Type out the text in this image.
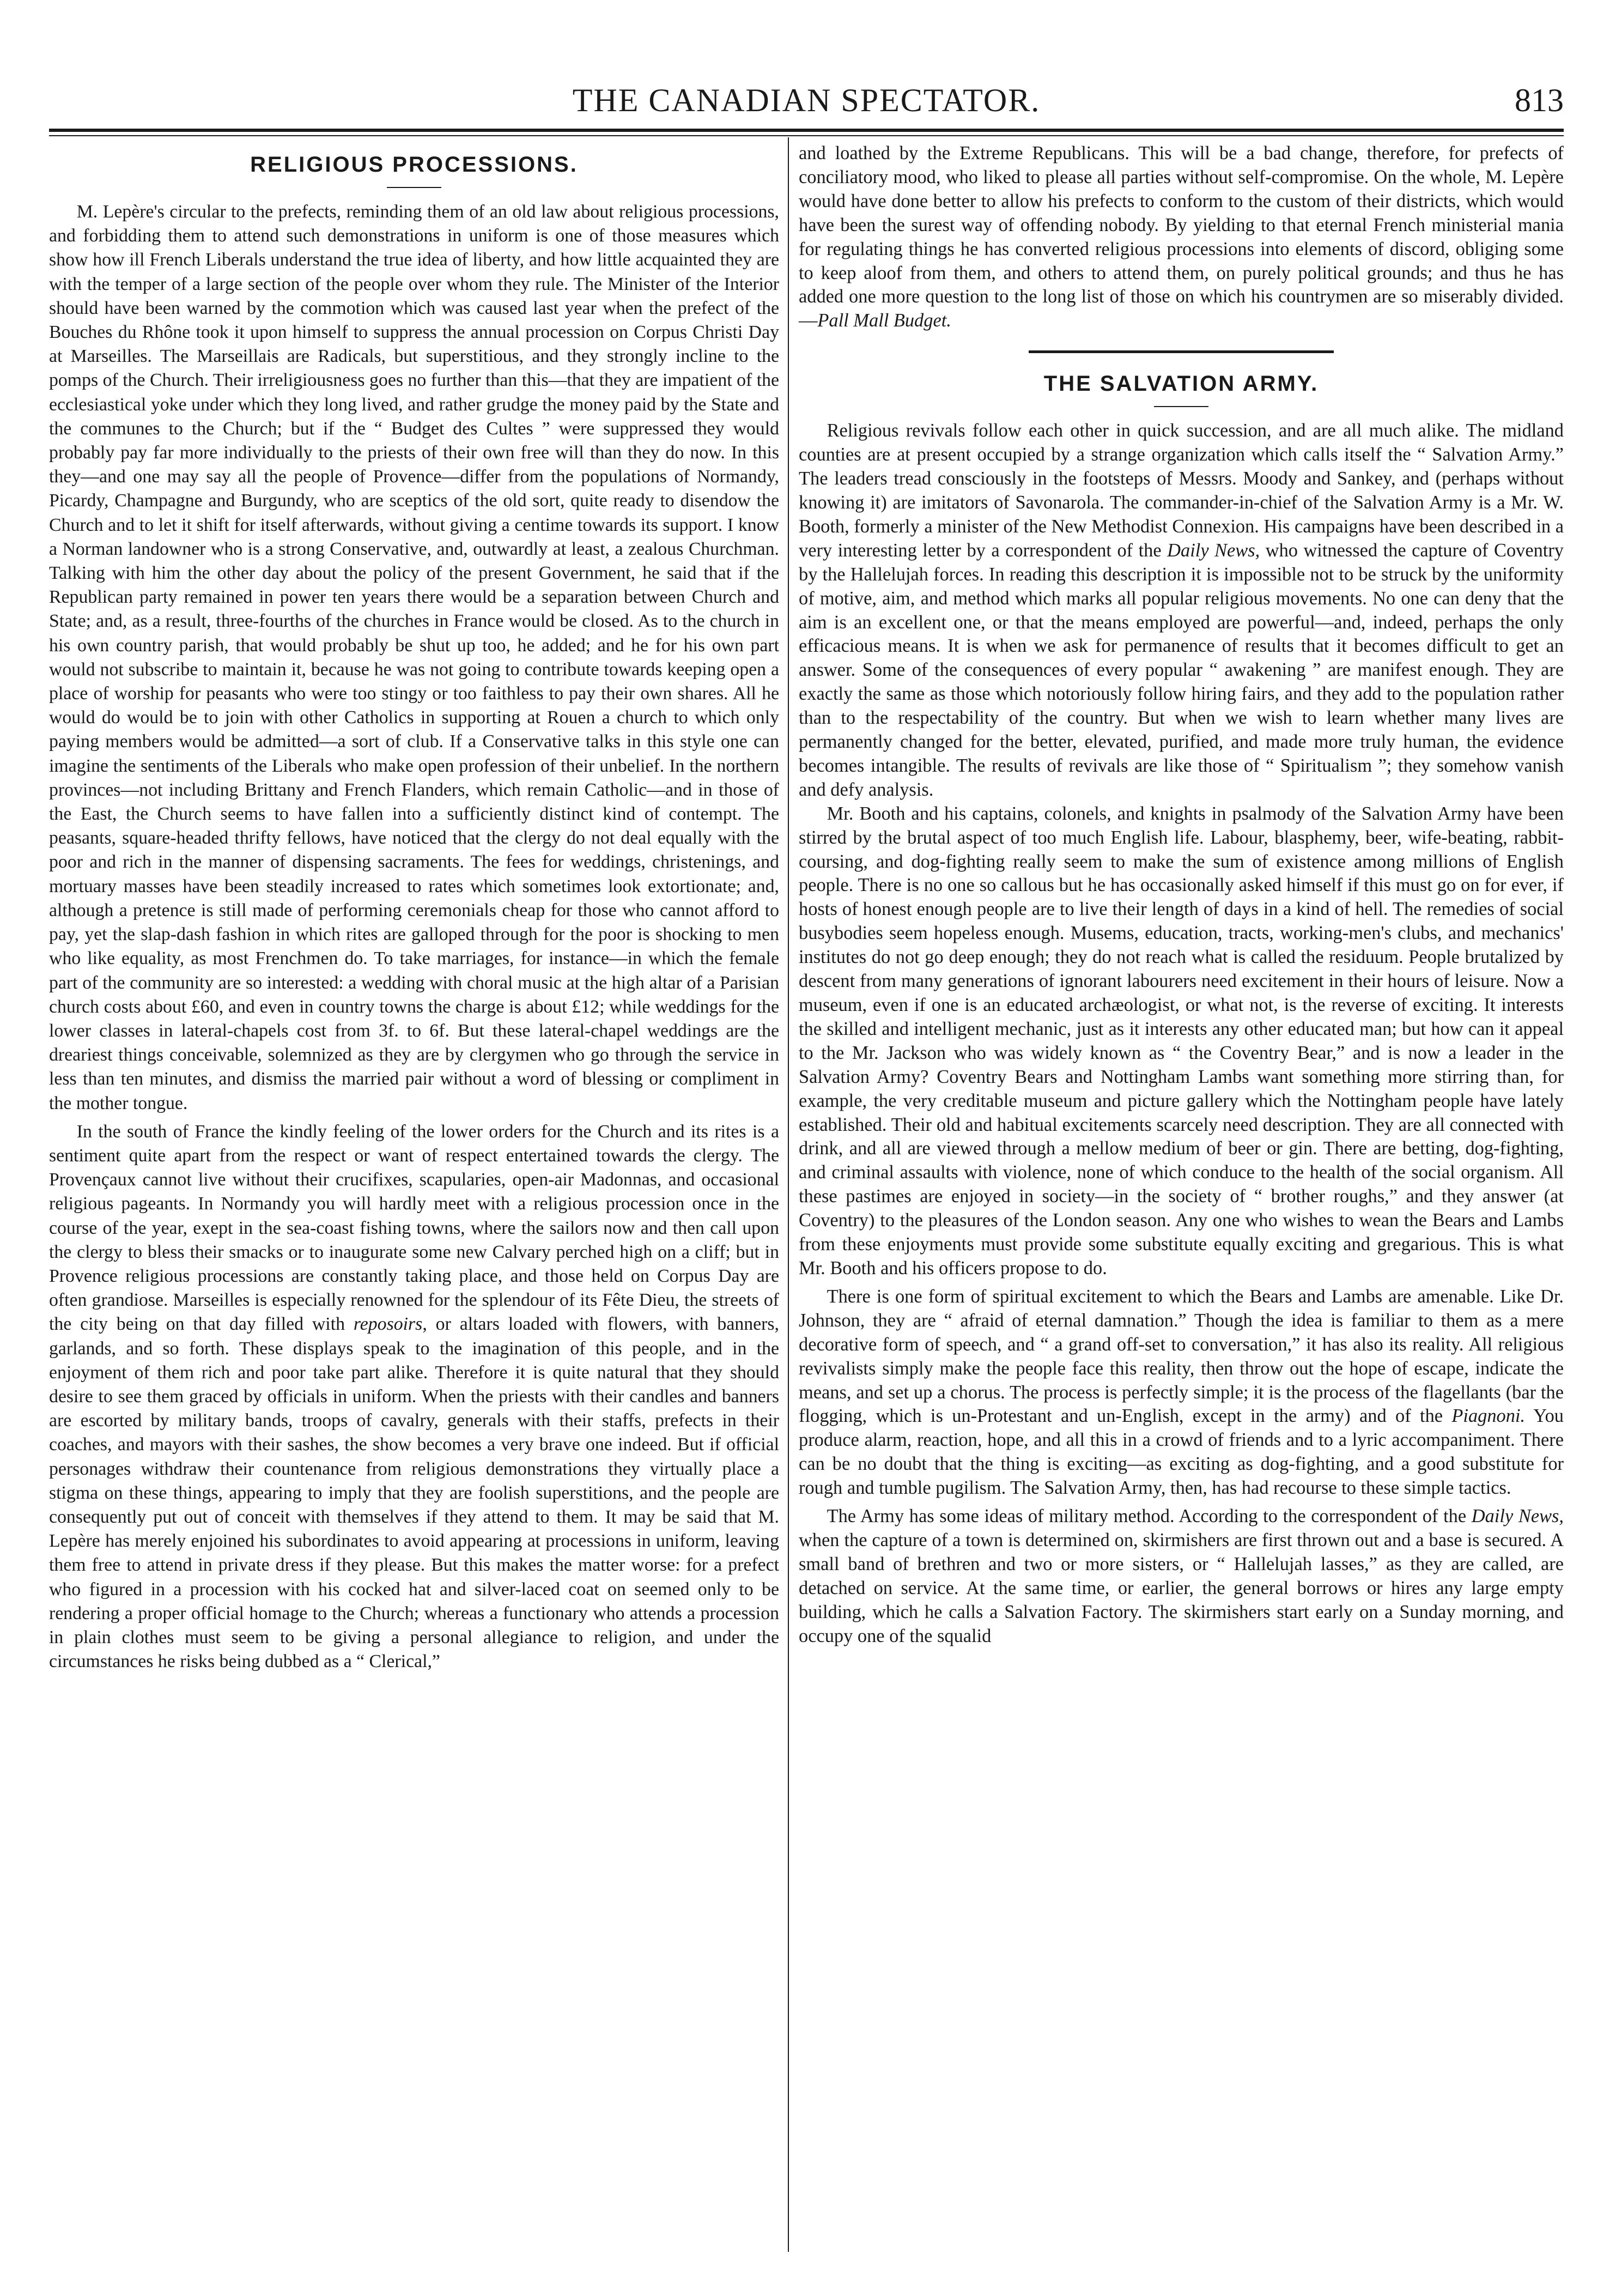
THE CANADIAN SPECTATOR.	813
RELIGIOUS PROCESSIONS.

M. Lepère's circular to the prefects, reminding them of an old law about religious processions, and forbidding them to attend such demonstrations in uniform is one of those measures which show how ill French Liberals understand the true idea of liberty, and how little acquainted they are with the temper of a large section of the people over whom they rule. The Minister of the Interior should have been warned by the commotion which was caused last year when the prefect of the Bouches du Rhône took it upon himself to suppress the annual procession on Corpus Christi Day at Marseilles. The Marseillais are Radicals, but superstitious, and they strongly incline to the pomps of the Church. Their irreligiousness goes no further than this—that they are impatient of the ecclesiastical yoke under which they long lived, and rather grudge the money paid by the State and the communes to the Church; but if the “ Budget des Cultes ” were suppressed they would probably pay far more individually to the priests of their own free will than they do now. In this they—and one may say all the people of Provence—differ from the populations of Normandy, Picardy, Champagne and Burgundy, who are sceptics of the old sort, quite ready to disendow the Church and to let it shift for itself afterwards, without giving a centime towards its support. I know a Norman landowner who is a strong Conservative, and, outwardly at least, a zealous Churchman. Talking with him the other day about the policy of the present Government, he said that if the Republican party remained in power ten years there would be a separation between Church and State; and, as a result, three-fourths of the churches in France would be closed. As to the church in his own country parish, that would probably be shut up too, he added; and he for his own part would not subscribe to maintain it, because he was not going to contribute towards keeping open a place of worship for peasants who were too stingy or too faithless to pay their own shares. All he would do would be to join with other Catholics in supporting at Rouen a church to which only paying members would be admitted—a sort of club. If a Conservative talks in this style one can imagine the sentiments of the Liberals who make open profession of their unbelief. In the northern provinces—not including Brittany and French Flanders, which remain Catholic—and in those of the East, the Church seems to have fallen into a sufficiently distinct kind of contempt. The peasants, square-headed thrifty fellows, have noticed that the clergy do not deal equally with the poor and rich in the manner of dispensing sacraments. The fees for weddings, christenings, and mortuary masses have been steadily increased to rates which sometimes look extortionate; and, although a pretence is still made of performing ceremonials cheap for those who cannot afford to pay, yet the slap-dash fashion in which rites are galloped through for the poor is shocking to men who like equality, as most Frenchmen do. To take marriages, for instance—in which the female part of the community are so interested: a wedding with choral music at the high altar of a Parisian church costs about £60, and even in country towns the charge is about £12; while weddings for the lower classes in lateral-chapels cost from 3f. to 6f. But these lateral-chapel weddings are the dreariest things conceivable, solemnized as they are by clergymen who go through the service in less than ten minutes, and dismiss the married pair without a word of blessing or compliment in the mother tongue.

In the south of France the kindly feeling of the lower orders for the Church and its rites is a sentiment quite apart from the respect or want of respect entertained towards the clergy. The Provençaux cannot live without their crucifixes, scapularies, open-air Madonnas, and occasional religious pageants. In Normandy you will hardly meet with a religious procession once in the course of the year, exept in the sea-coast fishing towns, where the sailors now and then call upon the clergy to bless their smacks or to inaugurate some new Calvary perched high on a cliff; but in Provence religious processions are constantly taking place, and those held on Corpus Day are often grandiose. Marseilles is especially renowned for the splendour of its Fête Dieu, the streets of the city being on that day filled with reposoirs, or altars loaded with flowers, with banners, garlands, and so forth. These displays speak to the imagination of this people, and in the enjoyment of them rich and poor take part alike. Therefore it is quite natural that they should desire to see them graced by officials in uniform. When the priests with their candles and banners are escorted by military bands, troops of cavalry, generals with their staffs, prefects in their coaches, and mayors with their sashes, the show becomes a very brave one indeed. But if official personages withdraw their countenance from religious demonstrations they virtually place a stigma on these things, appearing to imply that they are foolish superstitions, and the people are consequently put out of conceit with themselves if they attend to them. It may be said that M. Lepère has merely enjoined his subordinates to avoid appearing at processions in uniform, leaving them free to attend in private dress if they please. But this makes the matter worse: for a prefect who figured in a procession with his cocked hat and silver-laced coat on seemed only to be rendering a proper official homage to the Church; whereas a functionary who attends a procession in plain clothes must seem to be giving a personal allegiance to religion, and under the circumstances he risks being dubbed as a “ Clerical,”

and loathed by the Extreme Republicans. This will be a bad change, therefore, for prefects of conciliatory mood, who liked to please all parties without self-compromise. On the whole, M. Lepère would have done better to allow his prefects to conform to the custom of their districts, which would have been the surest way of offending nobody. By yielding to that eternal French ministerial mania for regulating things he has converted religious processions into elements of discord, obliging some to keep aloof from them, and others to attend them, on purely political grounds; and thus he has added one more question to the long list of those on which his countrymen are so miserably divided.—Pall Mall Budget.

THE SALVATION ARMY.

Religious revivals follow each other in quick succession, and are all much alike. The midland counties are at present occupied by a strange organization which calls itself the “ Salvation Army.” The leaders tread consciously in the footsteps of Messrs. Moody and Sankey, and (perhaps without knowing it) are imitators of Savonarola. The commander-in-chief of the Salvation Army is a Mr. W. Booth, formerly a minister of the New Methodist Connexion. His campaigns have been described in a very interesting letter by a correspondent of the Daily News, who witnessed the capture of Coventry by the Hallelujah forces. In reading this description it is impossible not to be struck by the uniformity of motive, aim, and method which marks all popular religious movements. No one can deny that the aim is an excellent one, or that the means employed are powerful—and, indeed, perhaps the only efficacious means. It is when we ask for permanence of results that it becomes difficult to get an answer. Some of the consequences of every popular “ awakening ” are manifest enough. They are exactly the same as those which notoriously follow hiring fairs, and they add to the population rather than to the respectability of the country. But when we wish to learn whether many lives are permanently changed for the better, elevated, purified, and made more truly human, the evidence becomes intangible. The results of revivals are like those of “ Spiritualism ”; they somehow vanish and defy analysis.

Mr. Booth and his captains, colonels, and knights in psalmody of the Salvation Army have been stirred by the brutal aspect of too much English life. Labour, blasphemy, beer, wife-beating, rabbit-coursing, and dog-fighting really seem to make the sum of existence among millions of English people. There is no one so callous but he has occasionally asked himself if this must go on for ever, if hosts of honest enough people are to live their length of days in a kind of hell. The remedies of social busybodies seem hopeless enough. Musems, education, tracts, working-men's clubs, and mechanics' institutes do not go deep enough; they do not reach what is called the residuum. People brutalized by descent from many generations of ignorant labourers need excitement in their hours of leisure. Now a museum, even if one is an educated archæologist, or what not, is the reverse of exciting. It interests the skilled and intelligent mechanic, just as it interests any other educated man; but how can it appeal to the Mr. Jackson who was widely known as “ the Coventry Bear,” and is now a leader in the Salvation Army? Coventry Bears and Nottingham Lambs want something more stirring than, for example, the very creditable museum and picture gallery which the Nottingham people have lately established. Their old and habitual excitements scarcely need description. They are all connected with drink, and all are viewed through a mellow medium of beer or gin. There are betting, dog-fighting, and criminal assaults with violence, none of which conduce to the health of the social organism. All these pastimes are enjoyed in society—in the society of “ brother roughs,” and they answer (at Coventry) to the pleasures of the London season. Any one who wishes to wean the Bears and Lambs from these enjoyments must provide some substitute equally exciting and gregarious. This is what Mr. Booth and his officers propose to do.

There is one form of spiritual excitement to which the Bears and Lambs are amenable. Like Dr. Johnson, they are “ afraid of eternal damnation.” Though the idea is familiar to them as a mere decorative form of speech, and “ a grand off-set to conversation,” it has also its reality. All religious revivalists simply make the people face this reality, then throw out the hope of escape, indicate the means, and set up a chorus. The process is perfectly simple; it is the process of the flagellants (bar the flogging, which is un-Protestant and un-English, except in the army) and of the Piagnoni. You produce alarm, reaction, hope, and all this in a crowd of friends and to a lyric accompaniment. There can be no doubt that the thing is exciting—as exciting as dog-fighting, and a good substitute for rough and tumble pugilism. The Salvation Army, then, has had recourse to these simple tactics.

The Army has some ideas of military method. According to the correspondent of the Daily News, when the capture of a town is determined on, skirmishers are first thrown out and a base is secured. A small band of brethren and two or more sisters, or “ Hallelujah lasses,” as they are called, are detached on service. At the same time, or earlier, the general borrows or hires any large empty building, which he calls a Salvation Factory. The skirmishers start early on a Sunday morning, and occupy one of the squalid
